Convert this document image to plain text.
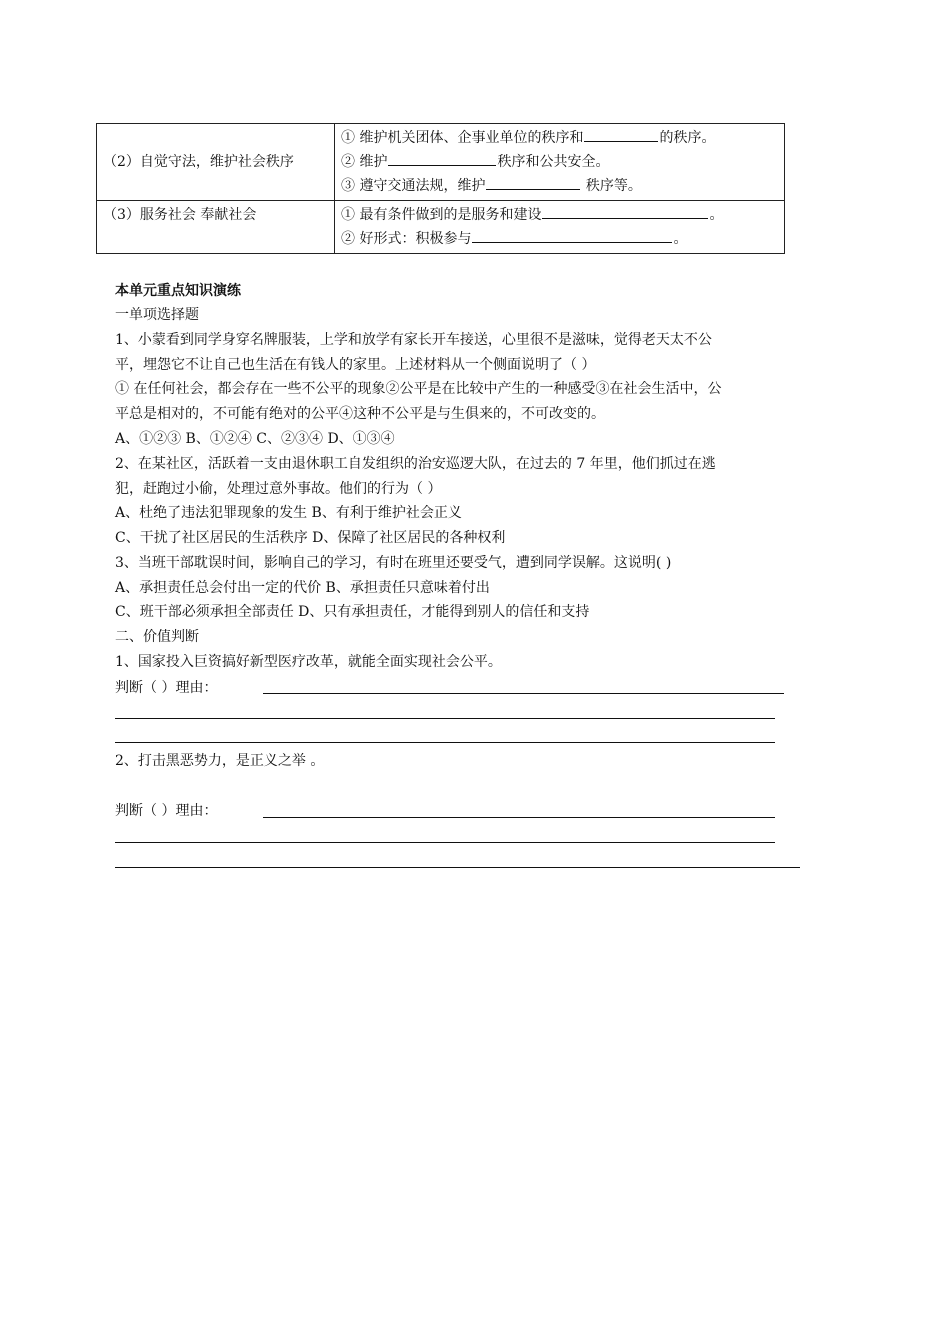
（2）自觉守法，维护社会秩序	① 维护机关团体、企事业单位的秩序和 的秩序。
② 维护 秩序和公共安全。
③ 遵守交通法规，维护 秩序等。

（3）服务社会 奉献社会	① 最有条件做到的是服务和建设 。
② 好形式：积极参与 。
本单元重点知识演练
一单项选择题
1、小蒙看到同学身穿名牌服装，上学和放学有家长开车接送，心里很不是滋味，觉得老天太不公
平，埋怨它不让自己也生活在有钱人的家里。上述材料从一个侧面说明了（ ）
① 在任何社会，都会存在一些不公平的现象②公平是在比较中产生的一种感受③在社会生活中，公
平总是相对的，不可能有绝对的公平④这种不公平是与生俱来的，不可改变的。
A、①②③ B、①②④ C、②③④ D、①③④
2、在某社区，活跃着一支由退休职工自发组织的治安巡逻大队，在过去的 7 年里，他们抓过在逃
犯，赶跑过小偷，处理过意外事故。他们的行为（ ）
A、杜绝了违法犯罪现象的发生 B、有利于维护社会正义
C、干扰了社区居民的生活秩序 D、保障了社区居民的各种权利
3、当班干部耽误时间，影响自己的学习，有时在班里还要受气，遭到同学误解。这说明( )
A、承担责任总会付出一定的代价 B、承担责任只意味着付出
C、班干部必须承担全部责任 D、只有承担责任，才能得到别人的信任和支持
二、价值判断
1、国家投入巨资搞好新型医疗改革，就能全面实现社会公平。
判断（ ）理由：
2、打击黑恶势力，是正义之举 。
判断（ ）理由：
